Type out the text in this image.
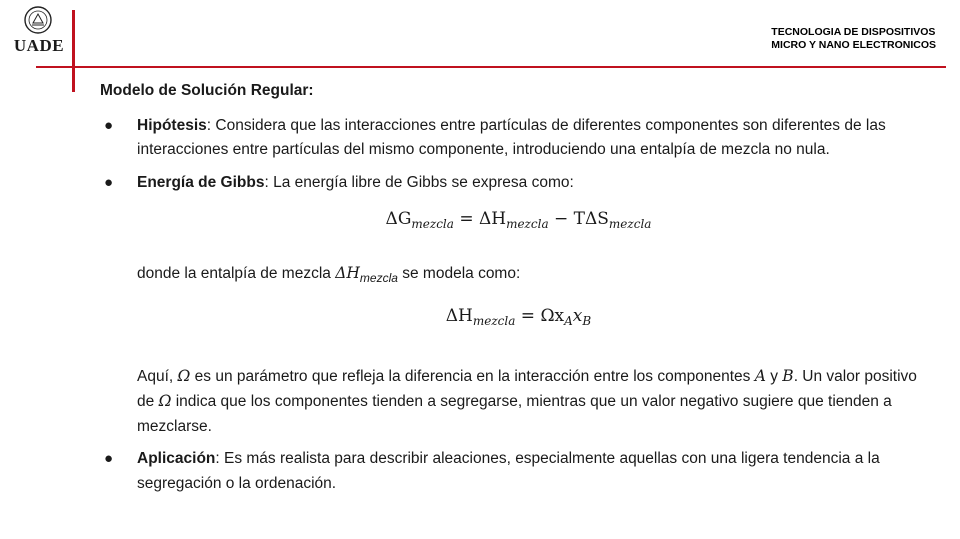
UADE
TECNOLOGIA DE DISPOSITIVOS
MICRO Y NANO ELECTRONICOS
Modelo de Solución Regular:
● Hipótesis: Considera que las interacciones entre partículas de diferentes componentes son diferentes de las interacciones entre partículas del mismo componente, introduciendo una entalpía de mezcla no nula.
● Energía de Gibbs: La energía libre de Gibbs se expresa como:
$\Delta G_{mezcla} = \Delta H_{mezcla} - T\Delta S_{mezcla}$

donde la entalpía de mezcla $\Delta H_{mezcla}$ se modela como:

$\Delta H_{mezcla} = \Omega x_Ax_B$

Aquí, Ω es un parámetro que refleja la diferencia en la interacción entre los componentes A y B. Un valor positivo de Ω indica que los componentes tienden a segregarse, mientras que un valor negativo sugiere que tienden a mezclarse.

● Aplicación: Es más realista para describir aleaciones, especialmente aquellas con una ligera tendencia a la segregación o la ordenación.
